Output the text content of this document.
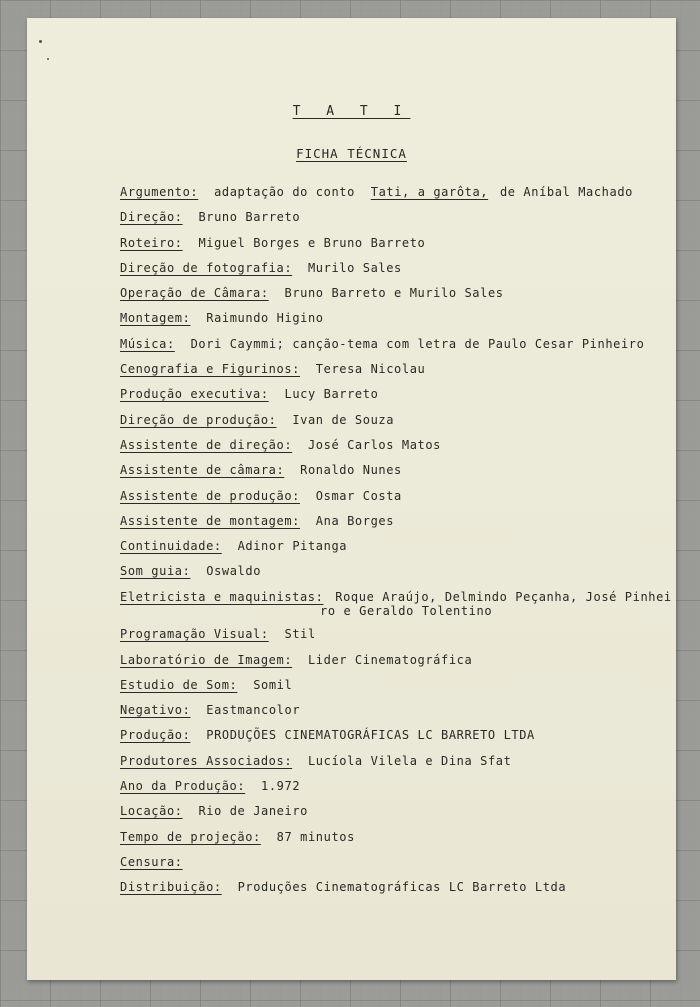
T A T I
FICHA TÉCNICA
Argumento: adaptação do conto Tati, a garôta, de Aníbal Machado
Direção: Bruno Barreto
Roteiro: Miguel Borges e Bruno Barreto
Direção de fotografia: Murilo Sales
Operação de Câmara: Bruno Barreto e Murilo Sales
Montagem: Raimundo Higino
Música: Dori Caymmi; canção-tema com letra de Paulo Cesar Pinheiro
Cenografia e Figurinos: Teresa Nicolau
Produção executiva: Lucy Barreto
Direção de produção: Ivan de Souza
Assistente de direção: José Carlos Matos
Assistente de câmara: Ronaldo Nunes
Assistente de produção: Osmar Costa
Assistente de montagem: Ana Borges
Continuidade: Adinor Pitanga
Som guia: Oswaldo
Eletricista e maquinistas: Roque Araújo, Delmindo Peçanha, José Pinhei
ro e Geraldo Tolentino
Programação Visual: Stil
Laboratório de Imagem: Lider Cinematográfica
Estudio de Som: Somil
Negativo: Eastmancolor
Produção: PRODUÇÕES CINEMATOGRÁFICAS LC BARRETO LTDA
Produtores Associados: Lucíola Vilela e Dina Sfat
Ano da Produção: 1.972
Locação: Rio de Janeiro
Tempo de projeção: 87 minutos
Censura:
Distribuição: Produções Cinematográficas LC Barreto Ltda
